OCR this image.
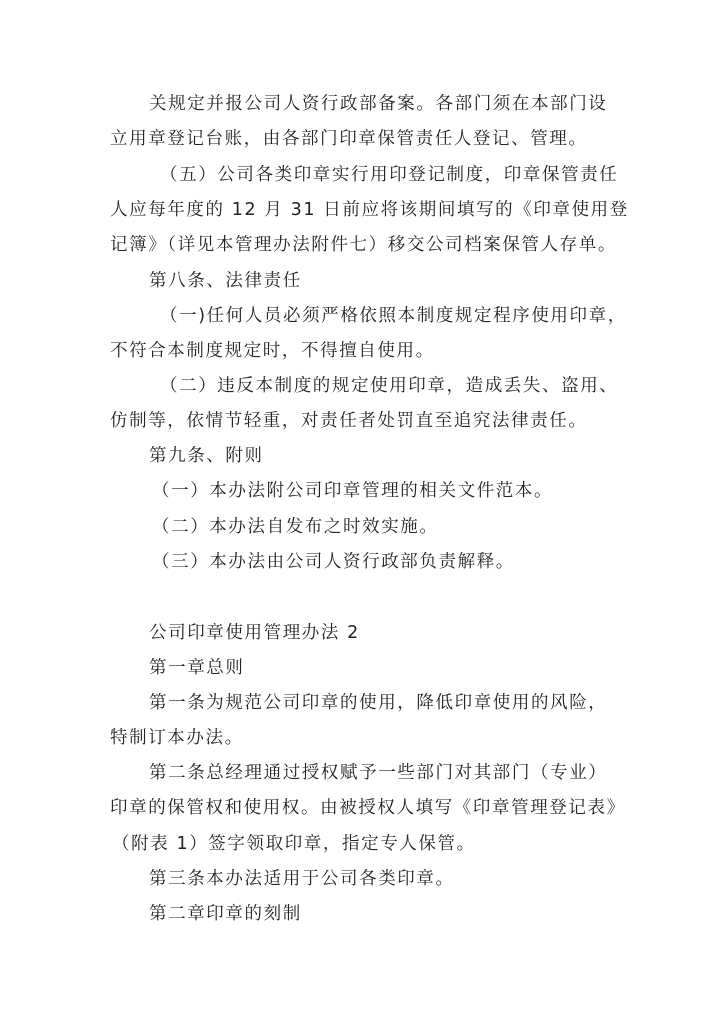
关规定并报公司人资行政部备案。各部门须在本部门设
立用章登记台账，由各部门印章保管责任人登记、管理。
（五）公司各类印章实行用印登记制度，印章保管责任
人应每年度的 12 月 31 日前应将该期间填写的《印章使用登
记簿》（详见本管理办法附件七）移交公司档案保管人存单。
第八条、法律责任
（一)任何人员必须严格依照本制度规定程序使用印章，
不符合本制度规定时，不得擅自使用。
（二）违反本制度的规定使用印章，造成丢失、盗用、
仿制等，依情节轻重，对责任者处罚直至追究法律责任。
第九条、附则
（一）本办法附公司印章管理的相关文件范本。
（二）本办法自发布之时效实施。
（三）本办法由公司人资行政部负责解释。
公司印章使用管理办法 2
第一章总则
第一条为规范公司印章的使用，降低印章使用的风险，
特制订本办法。
第二条总经理通过授权赋予一些部门对其部门（专业）
印章的保管权和使用权。由被授权人填写《印章管理登记表》
（附表 1）签字领取印章，指定专人保管。
第三条本办法适用于公司各类印章。
第二章印章的刻制
